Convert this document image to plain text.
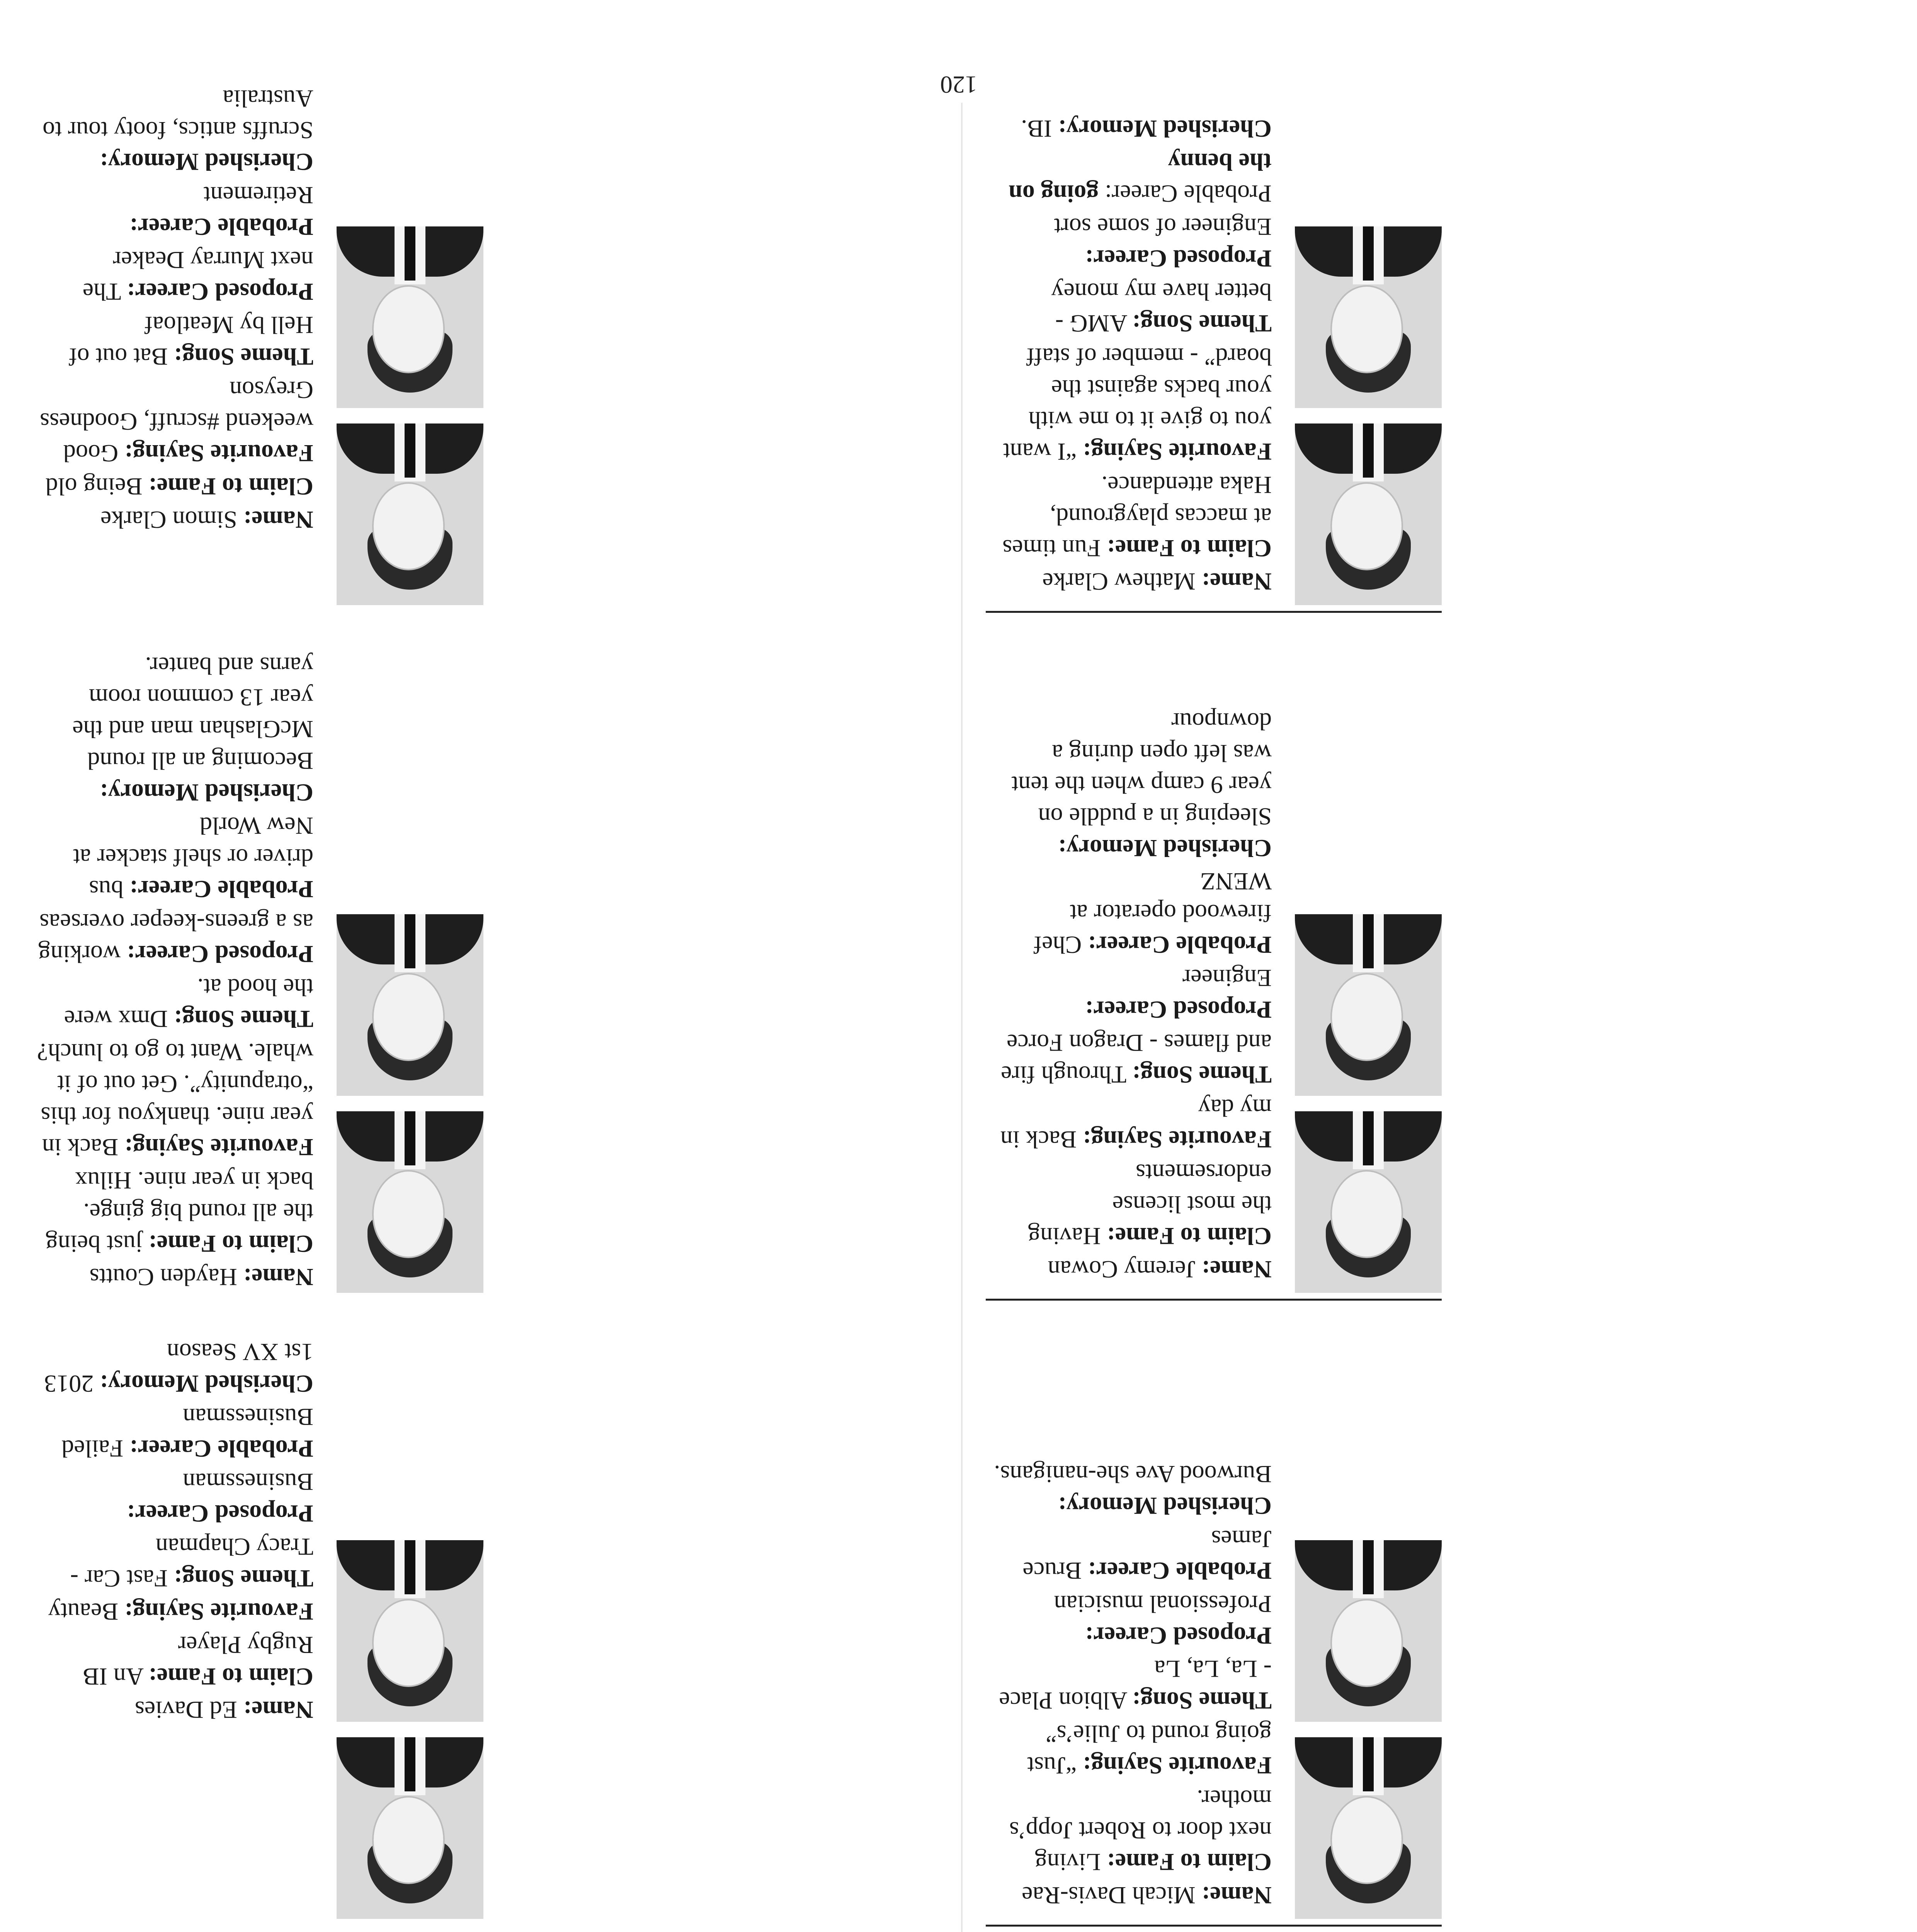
Name: Micah Davis-Rae

Claim to Fame: Living next door to Robert Jopp’s mother.

Favourite Saying: “Just going round to Julie’s”

Theme Song: Albion Place - La, La, La

Proposed Career: Professional musician

Probable Career: Bruce James

Cherished Memory: Burwood Ave she-nanigans.

Name: Jeremy Cowan

Claim to Fame: Having the most license endorsements

Favourite Saying: Back in my day

Theme Song: Through fire and flames - Dragon Force

Proposed Career: Engineer

Probable Career: Chef firewood operator at WENZ

Cherished Memory: Sleeping in a puddle on year 9 camp when the tent was left open during a downpour

Name: Mathew Clarke

Claim to Fame: Fun times at maccas playground, Haka attendance.

Favourite Saying: “I want you to give it to me with your backs against the board” - member of staff

Theme Song: AMG - better have my money

Proposed Career: Engineer of some sort

Probable Career: going on the benny

Cherished Memory: IB.

Name: Ed Davies

Claim to Fame: An IB Rugby Player

Favourite Saying: Beauty

Theme Song: Fast Car - Tracy Chapman

Proposed Career: Businessman

Probable Career: Failed Businessman

Cherished Memory: 2013 1st XV Season

Name: Hayden Coutts

Claim to Fame: just being the all round big ginge. back in year nine. Hilux

Favourite Saying: Back in year nine. thankyou for this “otrapunity”. Get out of it whale. Want to go to lunch?

Theme Song: Dmx were the hood at.

Proposed Career: working as a greens-keeper overseas

Probable Career: bus driver or shelf stacker at New World

Cherished Memory: Becoming an all round McGlashan man and the year 13 common room yarns and banter.

Name: Simon Clarke

Claim to Fame: Being old

Favourite Saying: Good weekend #scruff, Goodness Greyson

Theme Song: Bat out of Hell by Meatloaf

Proposed Career: The next Murray Deaker

Probable Career: Retirement

Cherished Memory: Scruffs antics, footy tour to Australia

120
